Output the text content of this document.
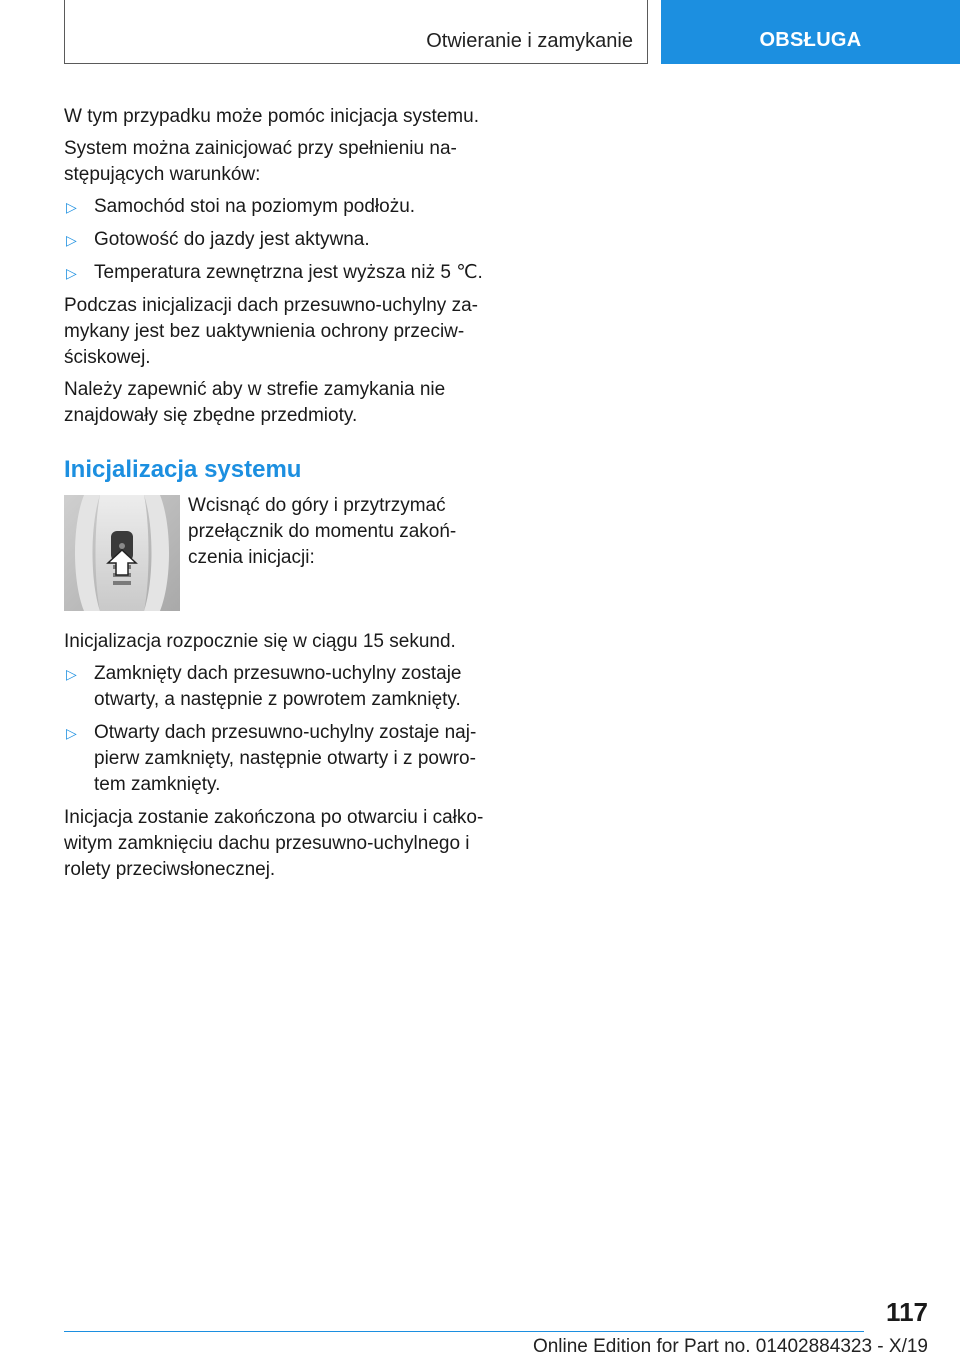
Otwieranie i zamykanie	OBSŁUGA

W tym przypadku może pomóc inicjacja systemu.

System można zainicjować przy spełnieniu następujących warunków:

▷ Samochód stoi na poziomym podłożu.
▷ Gotowość do jazdy jest aktywna.
▷ Temperatura zewnętrzna jest wyższa niż 5 ℃.

Podczas inicjalizacji dach przesuwno-uchylny zamykany jest bez uaktywnienia ochrony przeciwściskowej.

Należy zapewnić aby w strefie zamykania nie znajdowały się zbędne przedmioty.

Inicjalizacja systemu
Wcisnąć do góry i przytrzymać przełącznik do momentu zakończenia inicjacji:

Inicjalizacja rozpocznie się w ciągu 15 sekund.

▷ Zamknięty dach przesuwno-uchylny zostaje otwarty, a następnie z powrotem zamknięty.
▷ Otwarty dach przesuwno-uchylny zostaje najpierw zamknięty, następnie otwarty i z powrotem zamknięty.

Inicjacja zostanie zakończona po otwarciu i całkowitym zamknięciu dachu przesuwno-uchylnego i rolety przeciwsłonecznej.

117
Online Edition for Part no. 01402884323 - X/19
